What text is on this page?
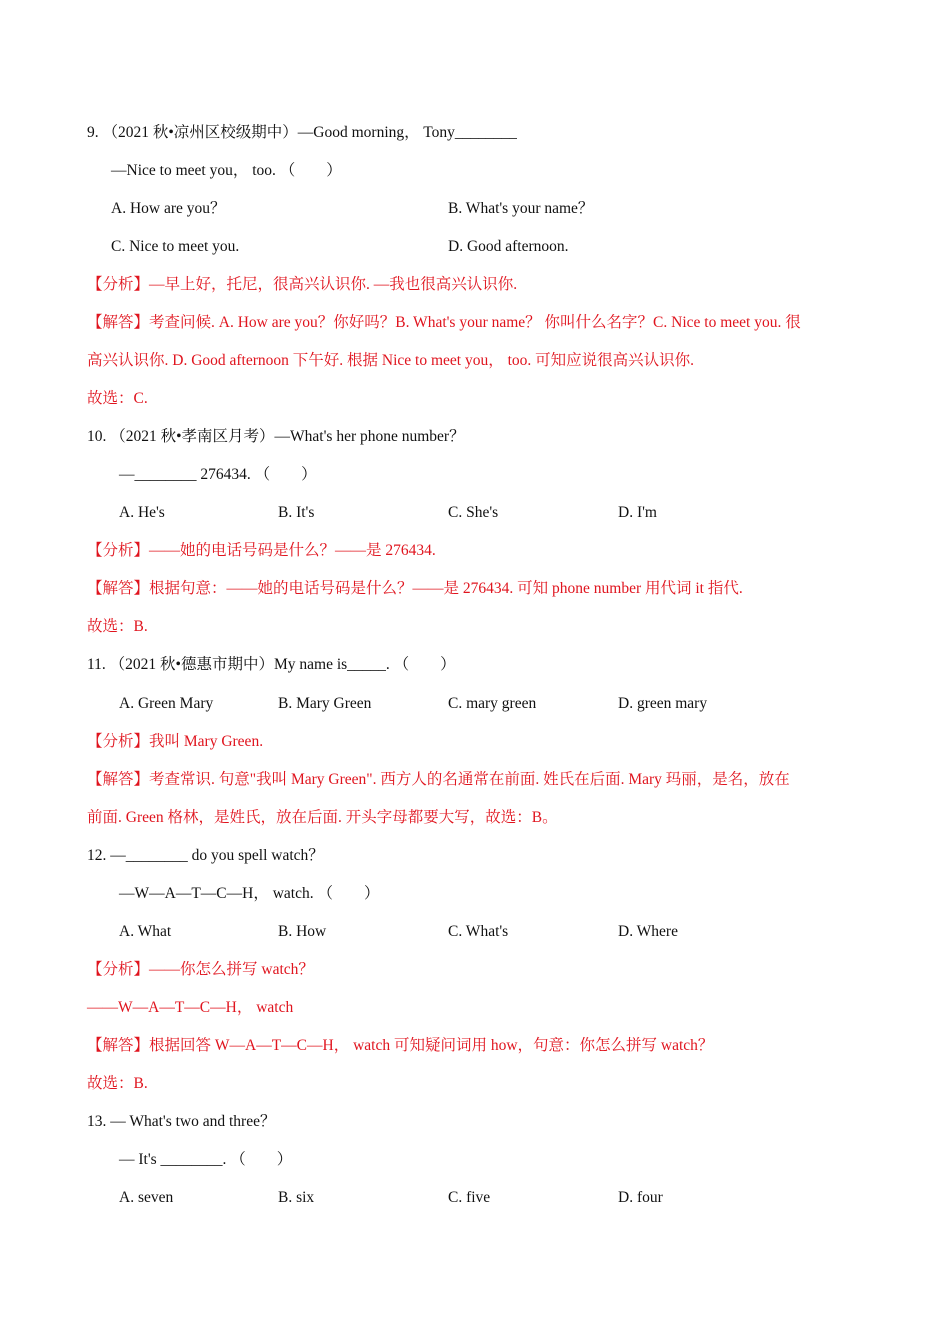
9. （2021 秋•凉州区校级期中）—Good morning， Tony________
—Nice to meet you， too. （　　）
A. How are you？	B. What's your name？
C. Nice to meet you.	D. Good afternoon.
【分析】—早上好，托尼，很高兴认识你. —我也很高兴认识你.
【解答】考查问候. A. How are you？你好吗？B. What's your name？ 你叫什么名字？C. Nice to meet you. 很
高兴认识你. D. Good afternoon 下午好. 根据 Nice to meet you， too. 可知应说很高兴认识你.
故选：C.
10. （2021 秋•孝南区月考）—What's her phone number？
—________ 276434. （　　）
A. He's	B. It's	C. She's	D. I'm
【分析】——她的电话号码是什么？——是 276434.
【解答】根据句意：——她的电话号码是什么？——是 276434. 可知 phone number 用代词 it 指代.
故选：B.
11. （2021 秋•德惠市期中）My name is_____. （　　）
A. Green Mary	B. Mary Green	C. mary green	D. green mary
【分析】我叫 Mary Green.
【解答】考查常识. 句意"我叫 Mary Green". 西方人的名通常在前面. 姓氏在后面. Mary 玛丽，是名，放在
前面. Green 格林，是姓氏，放在后面. 开头字母都要大写，故选：B。
12. —________ do you spell watch？
—W—A—T—C—H， watch. （　　）
A. What	B. How	C. What's	D. Where
【分析】——你怎么拼写 watch？
——W—A—T—C—H， watch
【解答】根据回答 W—A—T—C—H， watch 可知疑问词用 how，句意：你怎么拼写 watch？
故选：B.
13. — What's two and three？
— It's ________. （　　）
A. seven	B. six	C. five	D. four
